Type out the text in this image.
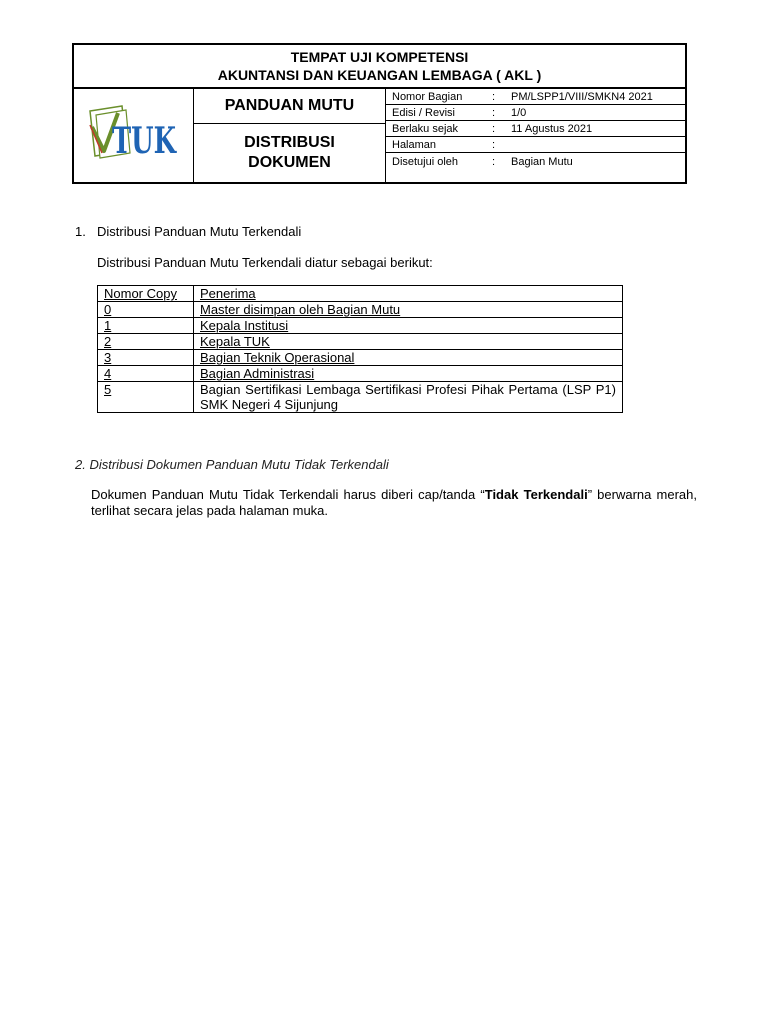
TEMPAT UJI KOMPETENSI
AKUNTANSI DAN KEUANGAN LEMBAGA ( AKL )
TUK
PANDUAN MUTU
DISTRIBUSI
DOKUMEN
Nomor Bagian	: PM/LSPP1/VIII/SMKN4 2021
Edisi / Revisi	: 1/0
Berlaku sejak	: 11 Agustus 2021
Halaman	:
Disetujui oleh	: Bagian Mutu
1. Distribusi Panduan Mutu Terkendali
Distribusi Panduan Mutu Terkendali diatur sebagai berikut:
Nomor Copy	Penerima
0	Master disimpan oleh Bagian Mutu
1	Kepala Institusi
2	Kepala TUK
3	Bagian Teknik Operasional
4	Bagian Administrasi
5	Bagian Sertifikasi Lembaga Sertifikasi Profesi Pihak Pertama (LSP P1) SMK Negeri 4 Sijunjung
2. Distribusi Dokumen Panduan Mutu Tidak Terkendali
Dokumen Panduan Mutu Tidak Terkendali harus diberi cap/tanda “Tidak Terkendali” berwarna merah, terlihat secara jelas pada halaman muka.
